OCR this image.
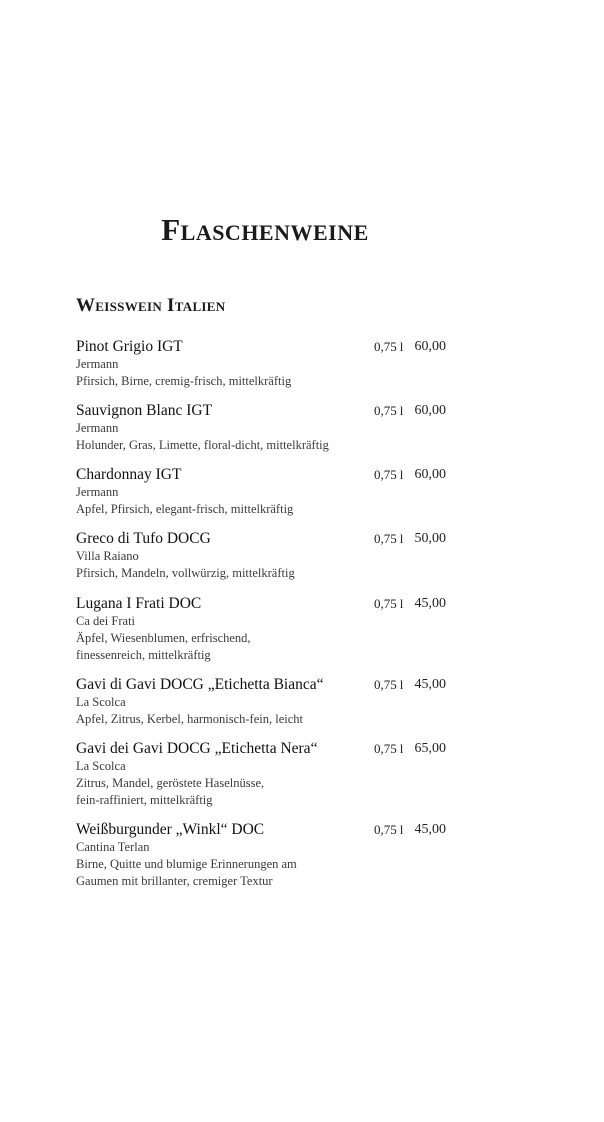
Flaschenweine
Weisswein Italien
Pinot Grigio IGT
Jermann
Pfirsich, Birne, cremig-frisch, mittelkräftig
0,75 l 60,00
Sauvignon Blanc IGT
Jermann
Holunder, Gras, Limette, floral-dicht, mittelkräftig
0,75 l 60,00
Chardonnay IGT
Jermann
Apfel, Pfirsich, elegant-frisch, mittelkräftig
0,75 l 60,00
Greco di Tufo DOCG
Villa Raiano
Pfirsich, Mandeln, vollwürzig, mittelkräftig
0,75 l 50,00
Lugana I Frati DOC
Ca dei Frati
Äpfel, Wiesenblumen, erfrischend,
finessenreich, mittelkräftig
0,75 l 45,00
Gavi di Gavi DOCG „Etichetta Bianca“
La Scolca
Apfel, Zitrus, Kerbel, harmonisch-fein, leicht
0,75 l 45,00
Gavi dei Gavi DOCG „Etichetta Nera“
La Scolca
Zitrus, Mandel, geröstete Haselnüsse,
fein-raffiniert, mittelkräftig
0,75 l 65,00
Weißburgunder „Winkl“ DOC
Cantina Terlan
Birne, Quitte und blumige Erinnerungen am
Gaumen mit brillanter, cremiger Textur
0,75 l 45,00
